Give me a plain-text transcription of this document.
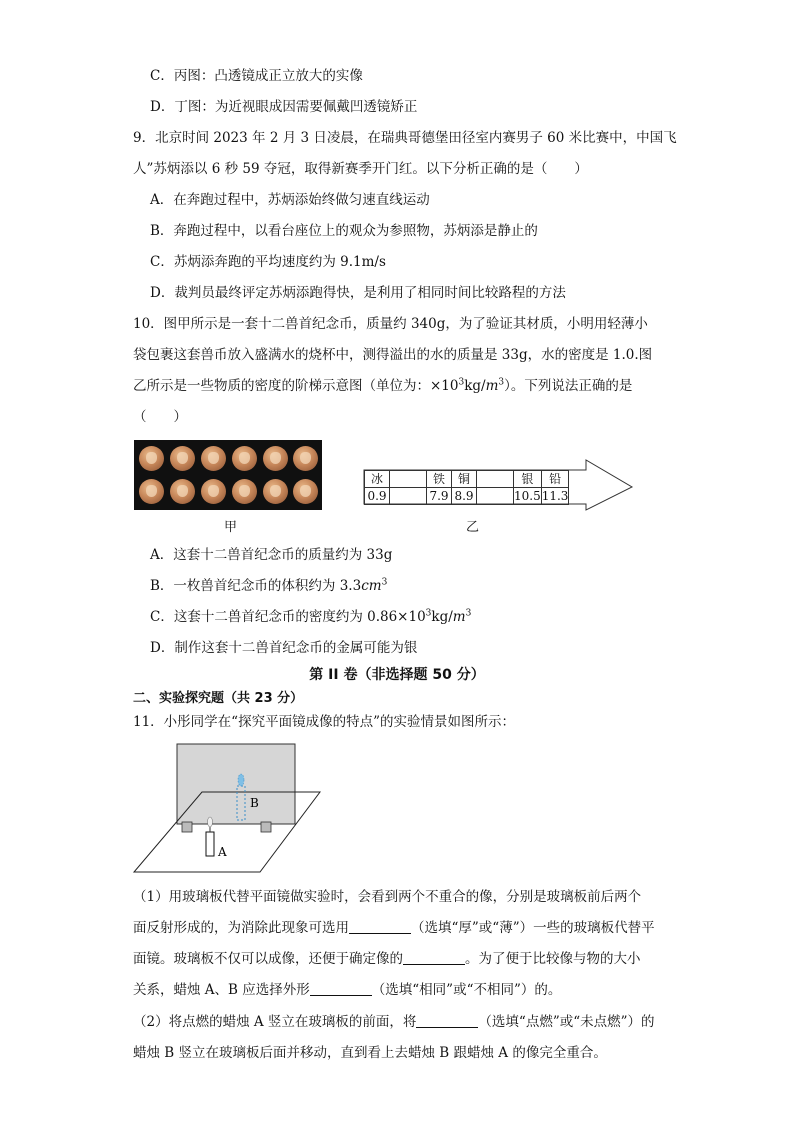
C．丙图：凸透镜成正立放大的实像
D．丁图：为近视眼成因需要佩戴凹透镜矫正
9．北京时间 2023 年 2 月 3 日凌晨，在瑞典哥德堡田径室内赛男子 60 米比赛中，中国飞
人”苏炳添以 6 秒 59 夺冠，取得新赛季开门红。以下分析正确的是（　　）
A．在奔跑过程中，苏炳添始终做匀速直线运动
B．奔跑过程中，以看台座位上的观众为参照物，苏炳添是静止的
C．苏炳添奔跑的平均速度约为 9.1m/s
D．裁判员最终评定苏炳添跑得快，是利用了相同时间比较路程的方法
10．图甲所示是一套十二兽首纪念币，质量约 340g，为了验证其材质，小明用轻薄小
袋包裹这套兽币放入盛满水的烧杯中，测得溢出的水的质量是 33g，水的密度是 1.0.图
乙所示是一些物质的密度的阶梯示意图（单位为：$\times 10^3kg/m^3$）。下列说法正确的是
（　　）
甲
冰		铁	铜		银	铅
0.9		7.9	8.9		10.5	11.3
乙
A．这套十二兽首纪念币的质量约为 33g
B．一枚兽首纪念币的体积约为 $3.3cm^3$
C．这套十二兽首纪念币的密度约为 $0.86\times 10^3kg/m^3$
D．制作这套十二兽首纪念币的金属可能为银
第 II 卷（非选择题 50 分）
二、实验探究题（共 23 分）
11．小彤同学在“探究平面镜成像的特点”的实验情景如图所示：
A
B
（1）用玻璃板代替平面镜做实验时，会看到两个不重合的像，分别是玻璃板前后两个
面反射形成的，为消除此现象可选用	（选填“厚”或“薄”）一些的玻璃板代替平
面镜。玻璃板不仅可以成像，还便于确定像的	。为了便于比较像与物的大小
关系，蜡烛 A、B 应选择外形	（选填“相同”或“不相同”）的。
（2）将点燃的蜡烛 A 竖立在玻璃板的前面，将	（选填“点燃”或“未点燃”）的
蜡烛 B 竖立在玻璃板后面并移动，直到看上去蜡烛 B 跟蜡烛 A 的像完全重合。
